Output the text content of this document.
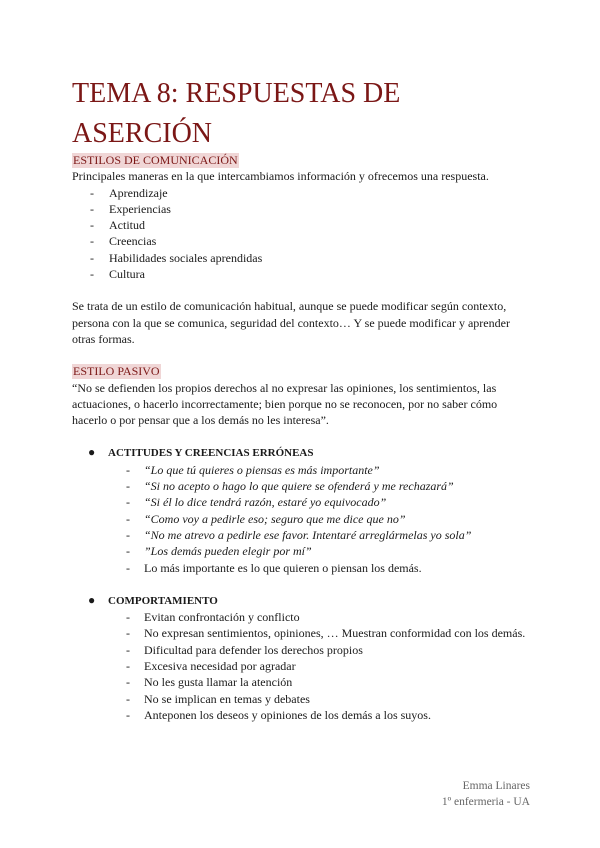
TEMA 8: RESPUESTAS DE ASERCIÓN

ESTILOS DE COMUNICACIÓN

Principales maneras en la que intercambiamos información y ofrecemos una respuesta.

- Aprendizaje
- Experiencias
- Actitud
- Creencias
- Habilidades sociales aprendidas
- Cultura

Se trata de un estilo de comunicación habitual, aunque se puede modificar según contexto, persona con la que se comunica, seguridad del contexto… Y se puede modificar y aprender otras formas.

ESTILO PASIVO

“No se defienden los propios derechos al no expresar las opiniones, los sentimientos, las actuaciones, o hacerlo incorrectamente; bien porque no se reconocen, por no saber cómo hacerlo o por pensar que a los demás no les interesa”.

● ACTITUDES Y CREENCIAS ERRÓNEAS
- “Lo que tú quieres o piensas es más importante”
- “Si no acepto o hago lo que quiere se ofenderá y me rechazará”
- “Si él lo dice tendrá razón, estaré yo equivocado”
- “Como voy a pedirle eso; seguro que me dice que no”
- “No me atrevo a pedirle ese favor. Intentaré arreglármelas yo sola”
- ”Los demás pueden elegir por mí”
- Lo más importante es lo que quieren o piensan los demás.
● COMPORTAMIENTO
- Evitan confrontación y conflicto
- No expresan sentimientos, opiniones, … Muestran conformidad con los demás.
- Dificultad para defender los derechos propios
- Excesiva necesidad por agradar
- No les gusta llamar la atención
- No se implican en temas y debates
- Anteponen los deseos y opiniones de los demás a los suyos.
Emma Linares
1º enfermeria - UA
